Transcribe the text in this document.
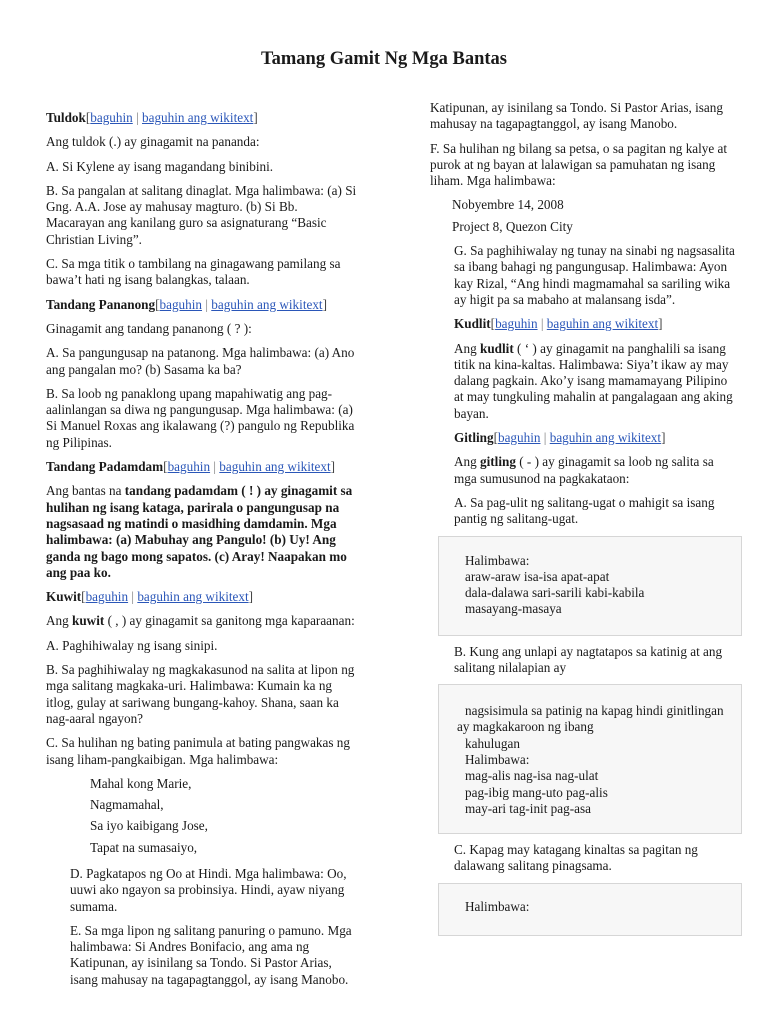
Tamang Gamit Ng Mga Bantas
Tuldok[baguhin | baguhin ang wikitext]

Ang tuldok (.) ay ginagamit na pananda:

A. Si Kylene ay isang magandang binibini.

B. Sa pangalan at salitang dinaglat. Mga halimbawa: (a) Si Gng. A.A. Jose ay mahusay magturo. (b) Si Bb. Macarayan ang kanilang guro sa asignaturang “Basic Christian Living”.

C. Sa mga titik o tambilang na ginagawang pamilang sa bawa’t hati ng isang balangkas, talaan.

Tandang Pananong[baguhin | baguhin ang wikitext]

Ginagamit ang tandang pananong ( ? ):

A. Sa pangungusap na patanong. Mga halimbawa: (a) Ano ang pangalan mo? (b) Sasama ka ba?

B. Sa loob ng panaklong upang mapahiwatig ang pag-aalinlangan sa diwa ng pangungusap. Mga halimbawa: (a) Si Manuel Roxas ang ikalawang (?) pangulo ng Republika ng Pilipinas.

Tandang Padamdam[baguhin | baguhin ang wikitext]

Ang bantas na tandang padamdam ( ! ) ay ginagamit sa hulihan ng isang kataga, parirala o pangungusap na nagsasaad ng matindi o masidhing damdamin. Mga halimbawa: (a) Mabuhay ang Pangulo! (b) Uy! Ang ganda ng bago mong sapatos. (c) Aray! Naapakan mo ang paa ko.

Kuwit[baguhin | baguhin ang wikitext]

Ang kuwit ( , ) ay ginagamit sa ganitong mga kaparaanan:

A. Paghihiwalay ng isang sinipi.

B. Sa paghihiwalay ng magkakasunod na salita at lipon ng mga salitang magkaka-uri. Halimbawa: Kumain ka ng itlog, gulay at sariwang bungang-kahoy. Shana, saan ka nag-aaral ngayon?

C. Sa hulihan ng bating panimula at bating pangwakas ng isang liham-pangkaibigan. Mga halimbawa:

Mahal kong Marie,

Nagmamahal,

Sa iyo kaibigang Jose,

Tapat na sumasaiyo,

D. Pagkatapos ng Oo at Hindi. Mga halimbawa: Oo, uuwi ako ngayon sa probinsiya. Hindi, ayaw niyang sumama.

E. Sa mga lipon ng salitang panuring o pamuno. Mga halimbawa: Si Andres Bonifacio, ang ama ng Katipunan, ay isinilang sa Tondo. Si Pastor Arias, isang mahusay na tagapagtanggol, ay isang Manobo.

Katipunan, ay isinilang sa Tondo. Si Pastor Arias, isang mahusay na tagapagtanggol, ay isang Manobo.

F. Sa hulihan ng bilang sa petsa, o sa pagitan ng kalye at purok at ng bayan at lalawigan sa pamuhatan ng isang liham. Mga halimbawa:

Nobyembre 14, 2008

Project 8, Quezon City

G. Sa paghihiwalay ng tunay na sinabi ng nagsasalita sa ibang bahagi ng pangungusap. Halimbawa: Ayon kay Rizal, “Ang hindi magmamahal sa sariling wika ay higit pa sa mabaho at malansang isda”.

Kudlit[baguhin | baguhin ang wikitext]

Ang kudlit ( ‘ ) ay ginagamit na panghalili sa isang titik na kina-kaltas. Halimbawa: Siya’t ikaw ay may dalang pagkain. Ako’y isang mamamayang Pilipino at may tungkuling mahalin at pangalagaan ang aking bayan.

Gitling[baguhin | baguhin ang wikitext]

Ang gitling ( - ) ay ginagamit sa loob ng salita sa mga sumusunod na pagkakataon:

A. Sa pag-ulit ng salitang-ugat o mahigit sa isang pantig ng salitang-ugat.

Halimbawa:
araw-araw isa-isa apat-apat
dala-dalawa sari-sarili kabi-kabila
masayang-masaya

B. Kung ang unlapi ay nagtatapos sa katinig at ang salitang nilalapian ay

nagsisimula sa patinig na kapag hindi ginitlingan ay magkakaroon ng ibang
kahulugan
Halimbawa:
mag-alis nag-isa nag-ulat
pag-ibig mang-uto pag-alis
may-ari tag-init pag-asa

C. Kapag may katagang kinaltas sa pagitan ng dalawang salitang pinagsama.

Halimbawa:
